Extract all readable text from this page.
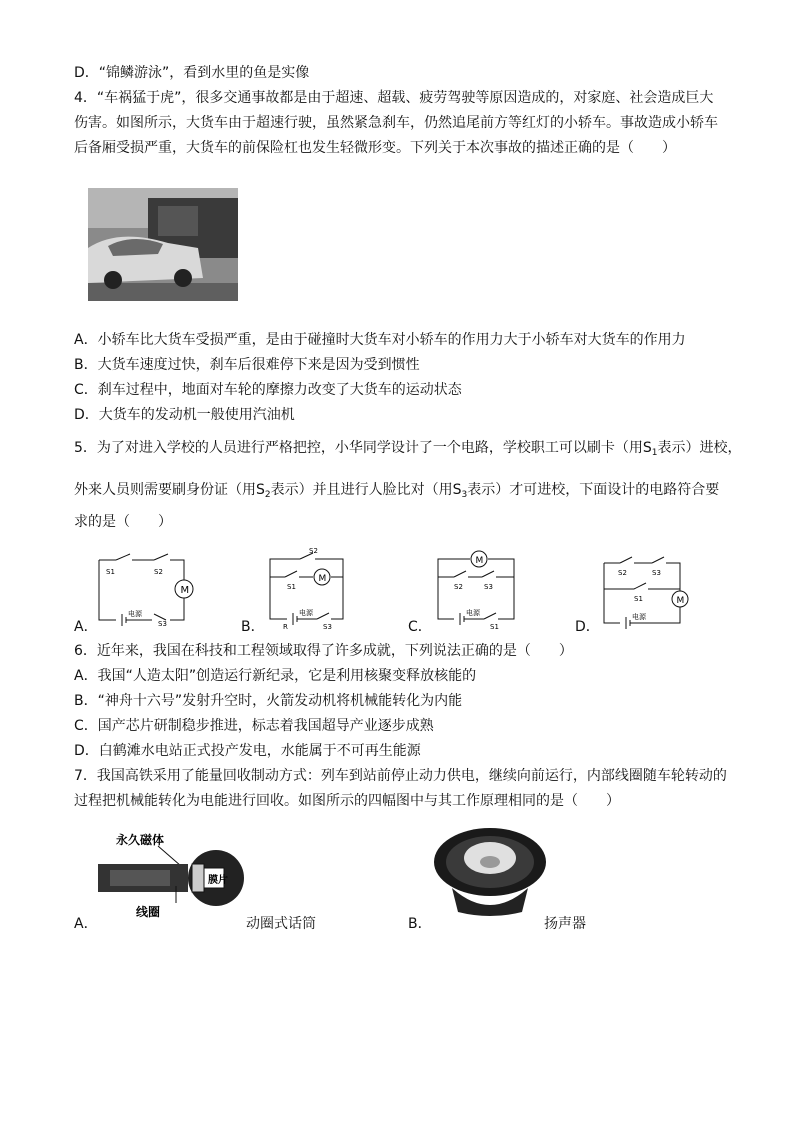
D．“锦鳞游泳”，看到水里的鱼是实像
4．“车祸猛于虎”，很多交通事故都是由于超速、超载、疲劳驾驶等原因造成的，对家庭、社会造成巨大
伤害。如图所示，大货车由于超速行驶，虽然紧急刹车，仍然追尾前方等红灯的小轿车。事故造成小轿车
后备厢受损严重，大货车的前保险杠也发生轻微形变。下列关于本次事故的描述正确的是（　　）
A．小轿车比大货车受损严重，是由于碰撞时大货车对小轿车的作用力大于小轿车对大货车的作用力
B．大货车速度过快，刹车后很难停下来是因为受到惯性
C．刹车过程中，地面对车轮的摩擦力改变了大货车的运动状态
D．大货车的发动机一般使用汽油机
5．为了对进入学校的人员进行严格把控，小华同学设计了一个电路，学校职工可以刷卡（用$S_1$表示）进校，
外来人员则需要刷身份证（用$S_2$表示）并且进行人脸比对（用$S_3$表示）才可进校，下面设计的电路符合要
求的是（　　）
A．
M
S1	S2
电源
S3	B．
M
S2
S1
R
电源
S3	C．
M
S2	S3
电源
S1	D．
M
S2	S3
S1
电源
6．近年来，我国在科技和工程领域取得了许多成就，下列说法正确的是（　　）
A．我国“人造太阳”创造运行新纪录，它是利用核聚变释放核能的
B．“神舟十六号”发射升空时，火箭发动机将机械能转化为内能
C．国产芯片研制稳步推进，标志着我国超导产业逐步成熟
D．白鹤滩水电站正式投产发电，水能属于不可再生能源
7．我国高铁采用了能量回收制动方式：列车到站前停止动力供电，继续向前运行，内部线圈随车轮转动的
过程把机械能转化为电能进行回收。如图所示的四幅图中与其工作原理相同的是（　　）
永久磁体
膜片
线圈
A．	动圈式话筒	B．	扬声器
